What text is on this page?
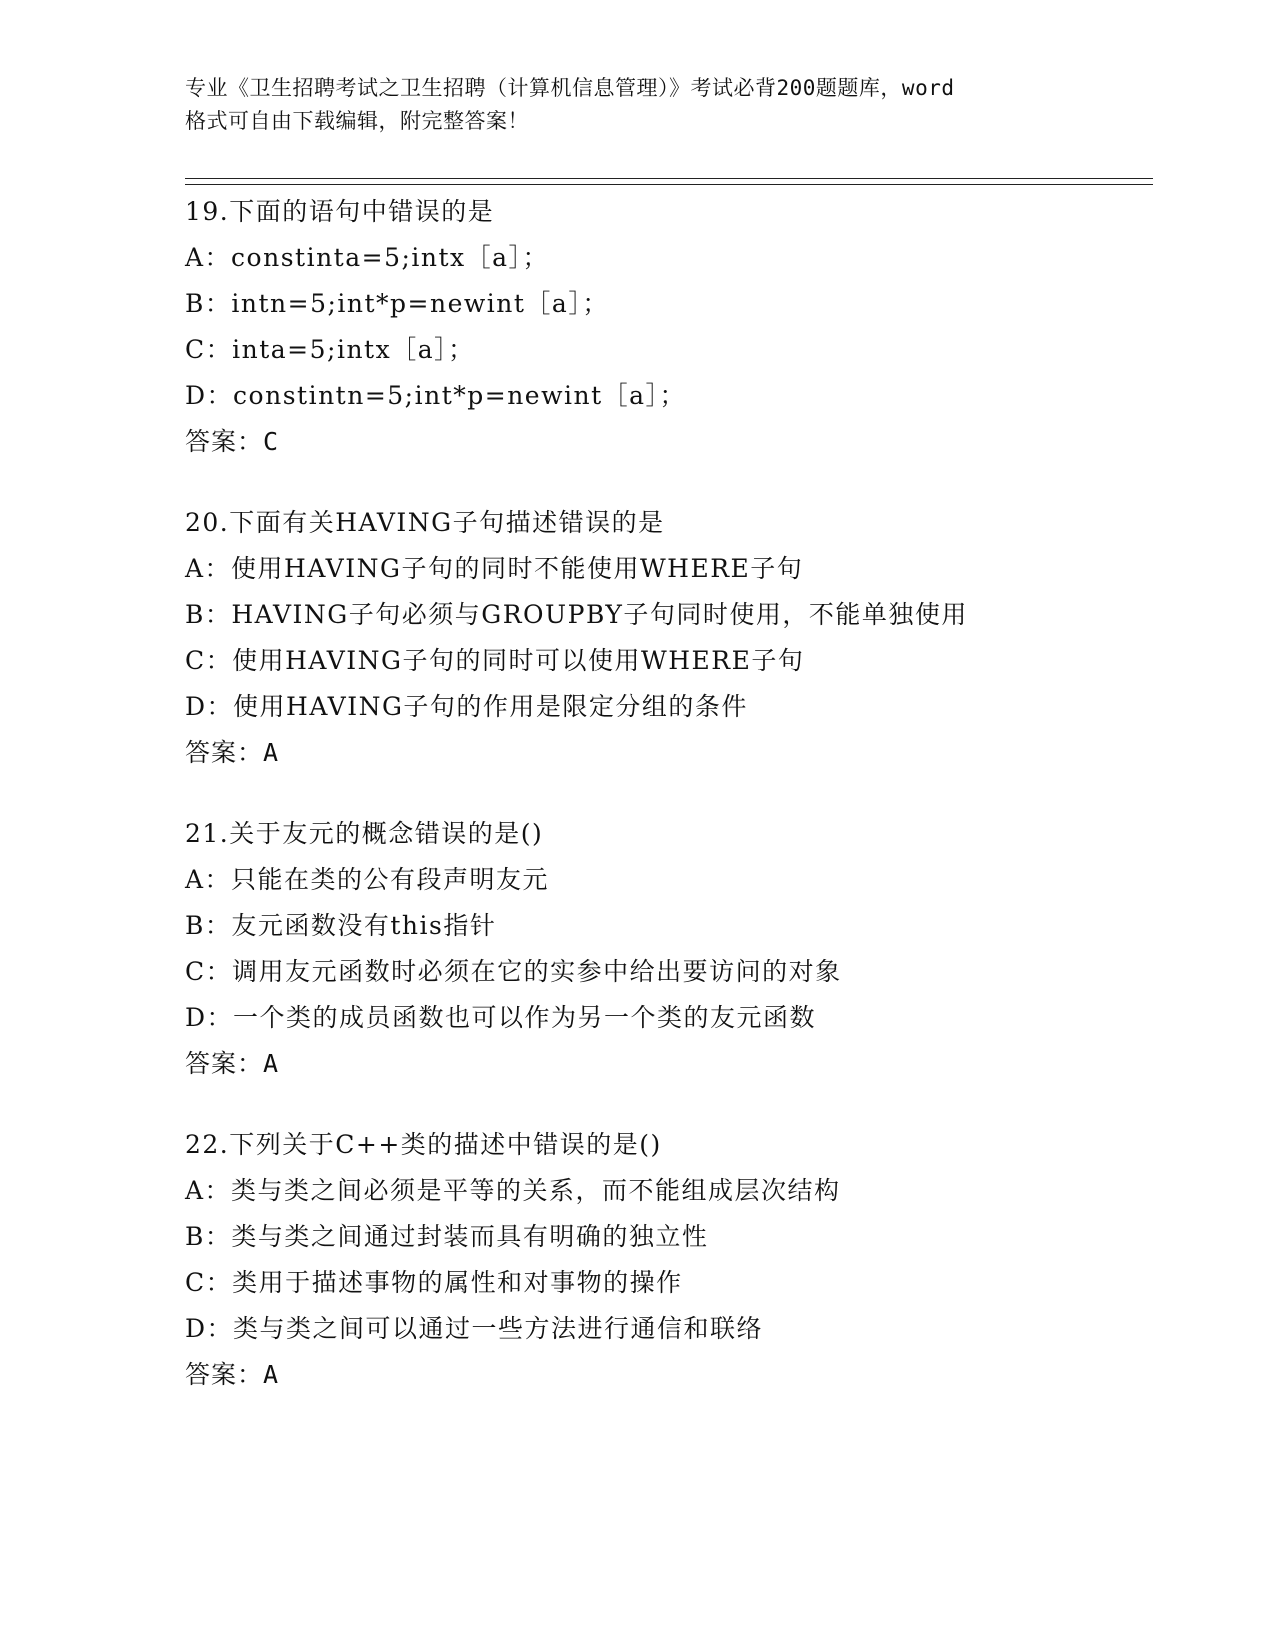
专业《卫生招聘考试之卫生招聘（计算机信息管理）》考试必背200题题库，word
格式可自由下载编辑，附完整答案！
19.下面的语句中错误的是
A：constinta=5;intx［a］；
B：intn=5;int*p=newint［a］；
C：inta=5;intx［a］；
D：constintn=5;int*p=newint［a］；
答案：C
20.下面有关HAVING子句描述错误的是
A：使用HAVING子句的同时不能使用WHERE子句
B：HAVING子句必须与GROUPBY子句同时使用，不能单独使用
C：使用HAVING子句的同时可以使用WHERE子句
D：使用HAVING子句的作用是限定分组的条件
答案：A
21.关于友元的概念错误的是()
A：只能在类的公有段声明友元
B：友元函数没有this指针
C：调用友元函数时必须在它的实参中给出要访问的对象
D：一个类的成员函数也可以作为另一个类的友元函数
答案：A
22.下列关于C++类的描述中错误的是()
A：类与类之间必须是平等的关系，而不能组成层次结构
B：类与类之间通过封装而具有明确的独立性
C：类用于描述事物的属性和对事物的操作
D：类与类之间可以通过一些方法进行通信和联络
答案：A
